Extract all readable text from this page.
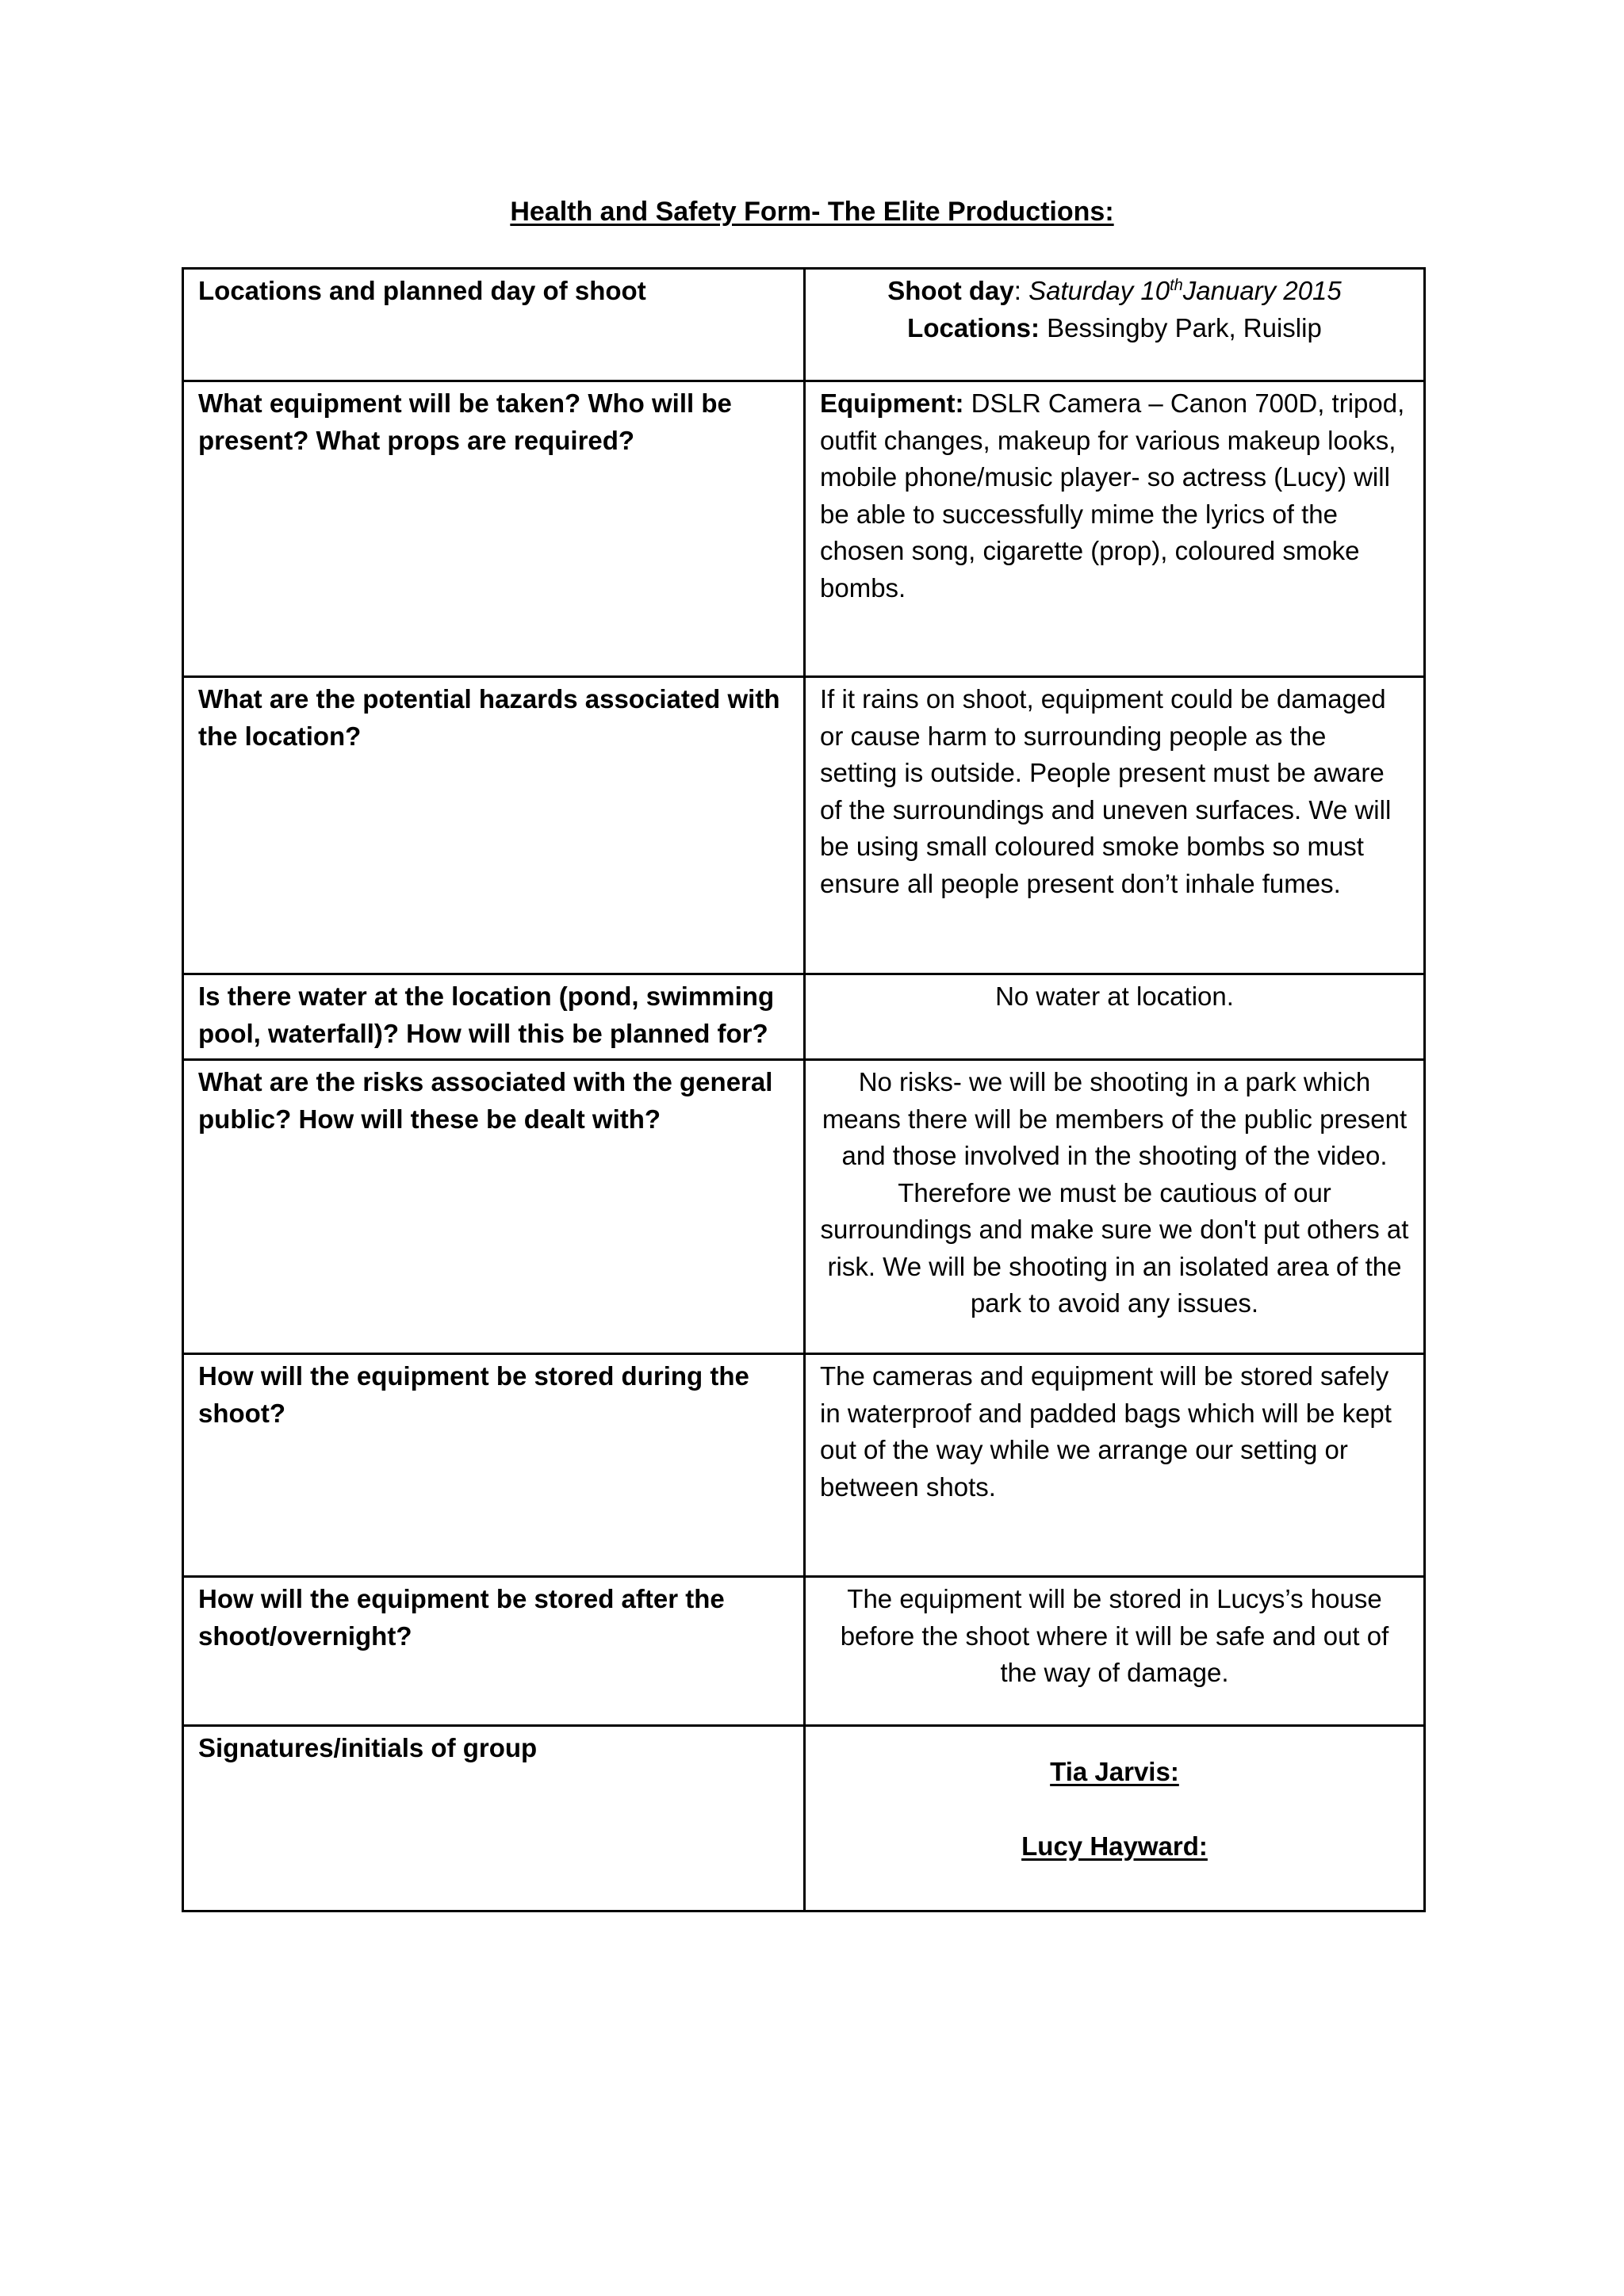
Health and Safety Form- The Elite Productions:
Locations and planned day of shoot	Shoot day: Saturday 10thJanuary 2015
Locations: Bessingby Park, Ruislip
What equipment will be taken? Who will be present? What props are required?	Equipment: DSLR Camera – Canon 700D, tripod, outfit changes, makeup for various makeup looks, mobile phone/music player- so actress (Lucy) will be able to successfully mime the lyrics of the chosen song, cigarette (prop), coloured smoke bombs.
What are the potential hazards associated with the location?	If it rains on shoot, equipment could be damaged or cause harm to surrounding people as the setting is outside. People present must be aware of the surroundings and uneven surfaces. We will be using small coloured smoke bombs so must ensure all people present don’t inhale fumes.
Is there water at the location (pond, swimming pool, waterfall)? How will this be planned for?	No water at location.
What are the risks associated with the general public? How will these be dealt with?	No risks- we will be shooting in a park which means there will be members of the public present and those involved in the shooting of the video. Therefore we must be cautious of our surroundings and make sure we don't put others at risk. We will be shooting in an isolated area of the park to avoid any issues.
How will the equipment be stored during the shoot?	The cameras and equipment will be stored safely in waterproof and padded bags which will be kept out of the way while we arrange our setting or between shots.
How will the equipment be stored after the shoot/overnight?	The equipment will be stored in Lucys’s house before the shoot where it will be safe and out of the way of damage.
Signatures/initials of group	Tia Jarvis:
Lucy Hayward:
